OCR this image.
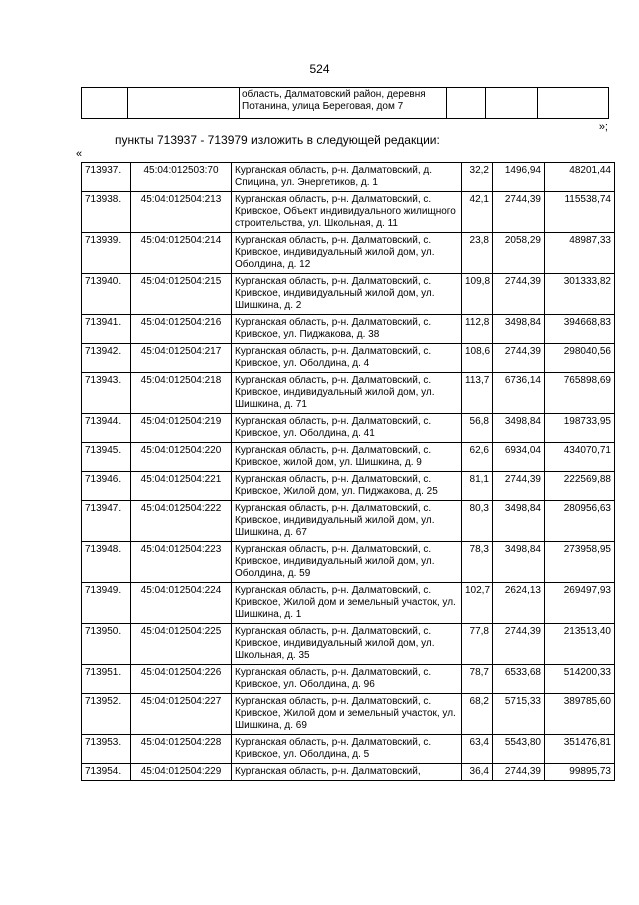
524
		область, Далматовский район, деревня Потанина, улица Береговая, дом 7			
»;
пункты 713937 - 713979 изложить в следующей редакции:
«
713937.	45:04:012503:70	Курганская область, р-н. Далматовский, д. Спицина, ул. Энергетиков, д. 1	32,2	1496,94	48201,44
713938.	45:04:012504:213	Курганская область, р-н. Далматовский, с. Кривское, Объект индивидуального жилищного строительства, ул. Школьная, д. 11	42,1	2744,39	115538,74
713939.	45:04:012504:214	Курганская область, р-н. Далматовский, с. Кривское, индивидуальный жилой дом, ул. Оболдина, д. 12	23,8	2058,29	48987,33
713940.	45:04:012504:215	Курганская область, р-н. Далматовский, с. Кривское, индивидуальный жилой дом, ул. Шишкина, д. 2	109,8	2744,39	301333,82
713941.	45:04:012504:216	Курганская область, р-н. Далматовский, с. Кривское, ул. Пиджакова, д. 38	112,8	3498,84	394668,83
713942.	45:04:012504:217	Курганская область, р-н. Далматовский, с. Кривское, ул. Оболдина, д. 4	108,6	2744,39	298040,56
713943.	45:04:012504:218	Курганская область, р-н. Далматовский, с. Кривское, индивидуальный жилой дом, ул. Шишкина, д. 71	113,7	6736,14	765898,69
713944.	45:04:012504:219	Курганская область, р-н. Далматовский, с. Кривское, ул. Оболдина, д. 41	56,8	3498,84	198733,95
713945.	45:04:012504:220	Курганская область, р-н. Далматовский, с. Кривское, жилой дом, ул. Шишкина, д. 9	62,6	6934,04	434070,71
713946.	45:04:012504:221	Курганская область, р-н. Далматовский, с. Кривское, Жилой дом, ул. Пиджакова, д. 25	81,1	2744,39	222569,88
713947.	45:04:012504:222	Курганская область, р-н. Далматовский, с. Кривское, индивидуальный жилой дом, ул. Шишкина, д. 67	80,3	3498,84	280956,63
713948.	45:04:012504:223	Курганская область, р-н. Далматовский, с. Кривское, индивидуальный жилой дом, ул. Оболдина, д. 59	78,3	3498,84	273958,95
713949.	45:04:012504:224	Курганская область, р-н. Далматовский, с. Кривское, Жилой дом и земельный участок, ул. Шишкина, д. 1	102,7	2624,13	269497,93
713950.	45:04:012504:225	Курганская область, р-н. Далматовский, с. Кривское, индивидуальный жилой дом, ул. Школьная, д. 35	77,8	2744,39	213513,40
713951.	45:04:012504:226	Курганская область, р-н. Далматовский, с. Кривское, ул. Оболдина, д. 96	78,7	6533,68	514200,33
713952.	45:04:012504:227	Курганская область, р-н. Далматовский, с. Кривское, Жилой дом и земельный участок, ул. Шишкина, д. 69	68,2	5715,33	389785,60
713953.	45:04:012504:228	Курганская область, р-н. Далматовский, с. Кривское, ул. Оболдина, д. 5	63,4	5543,80	351476,81
713954.	45:04:012504:229	Курганская область, р-н. Далматовский,	36,4	2744,39	99895,73
